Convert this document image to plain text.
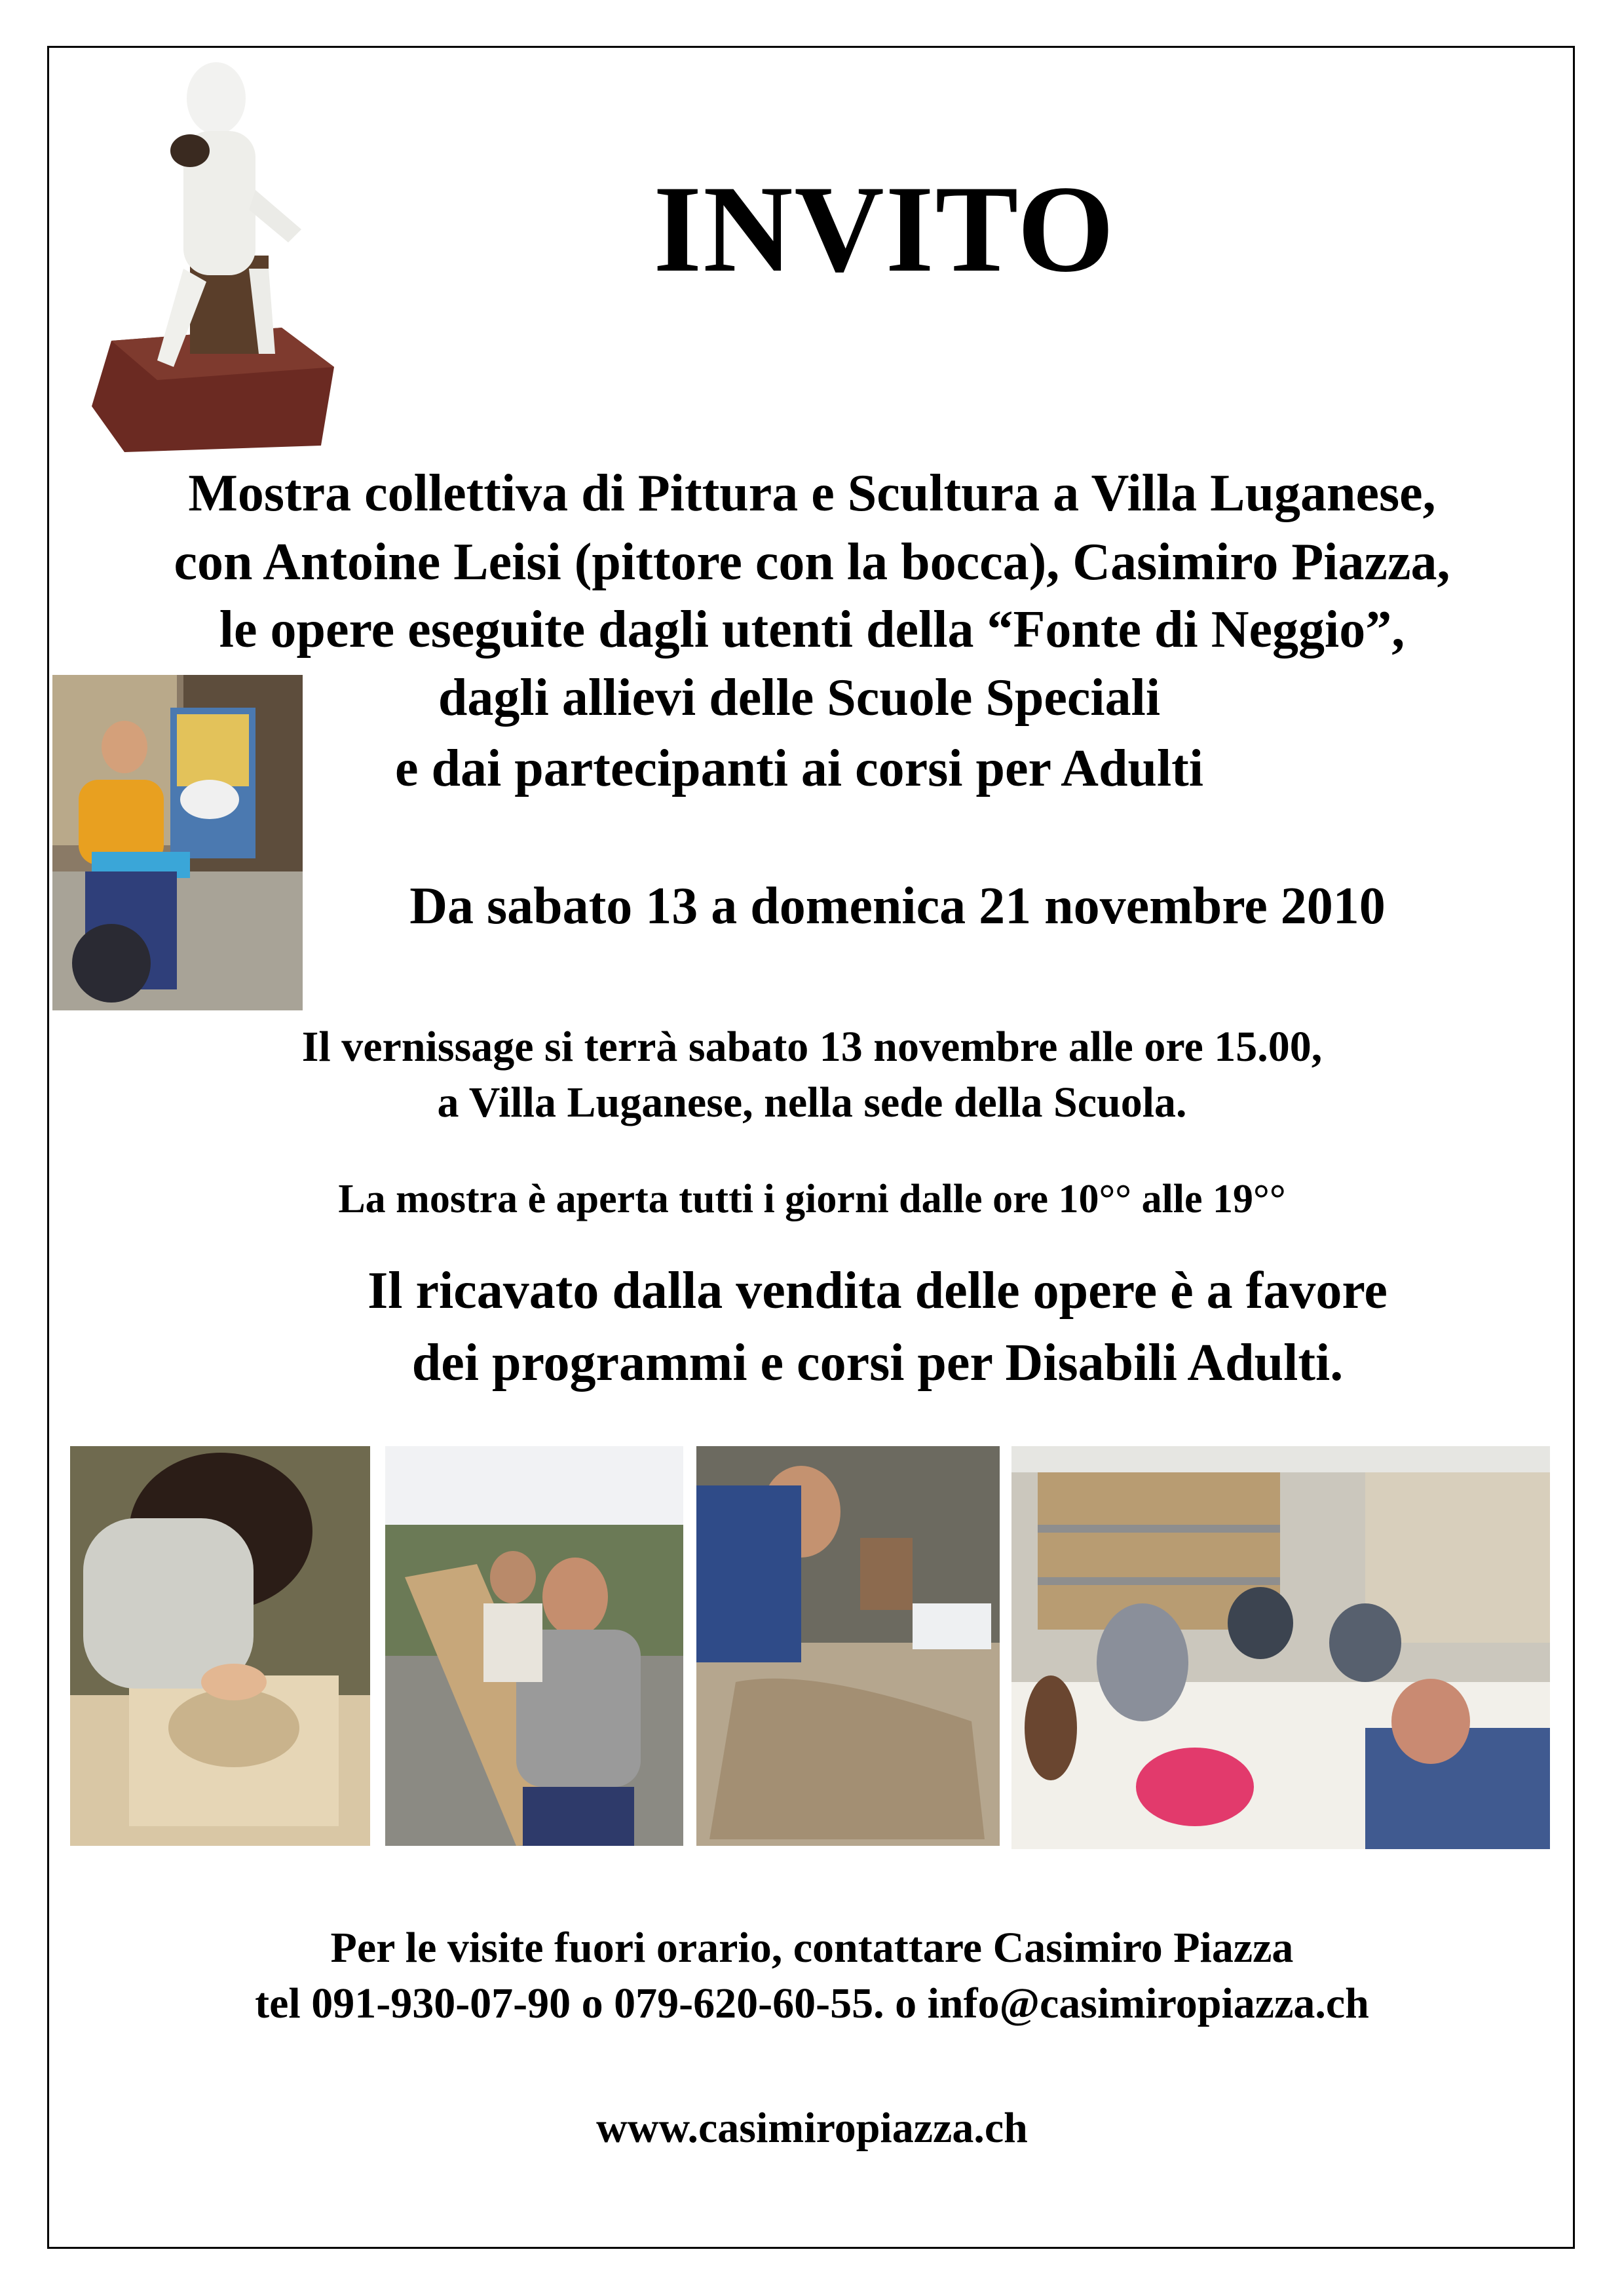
INVITO
Mostra collettiva di Pittura e Scultura a Villa Luganese,
con Antoine Leisi (pittore con la bocca), Casimiro Piazza,
le opere eseguite dagli utenti della “Fonte di Neggio”,
dagli allievi delle Scuole Speciali
e dai partecipanti ai corsi per Adulti
Da sabato 13 a domenica 21 novembre 2010
Il vernissage si terrà sabato 13 novembre alle ore 15.00,
a Villa Luganese, nella sede della Scuola.
La mostra è aperta tutti i giorni dalle ore 10°° alle 19°°
Il ricavato dalla vendita delle opere è a favore
dei programmi e corsi per Disabili Adulti.
Per le visite fuori orario, contattare Casimiro Piazza
tel 091-930-07-90 o 079-620-60-55. o info@casimiropiazza.ch
www.casimiropiazza.ch
